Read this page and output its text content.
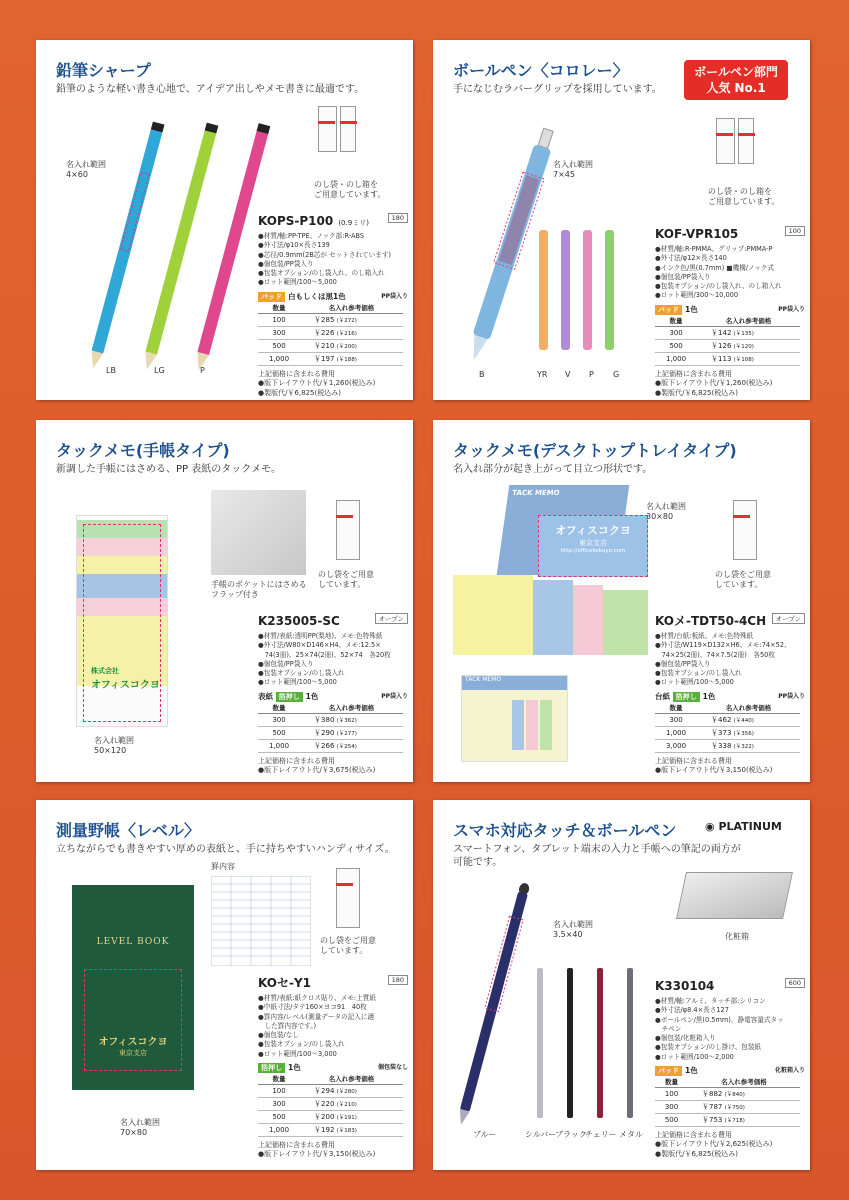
鉛筆シャープ
鉛筆のような軽い書き心地で、アイデア出しやメモ書きに最適です。
名入れ範囲
4×60
LB	LG	P
のし袋・のし箱を
ご用意しています。
KOPS-P100 (0.9ミリ)
180
●材質/軸:PP-TPE、ノック部:R-ABS
●外寸法/φ10×長さ139
●芯径/0.9mm(2B芯が セットされています)
●個包装/PP袋入り
●包装オプション/のし袋入れ、のし箱入れ
●ロット範囲/100～5,000
パッド 白もしくは黒1色	PP袋入り
数量	名入れ参考価格
100	￥285 (￥272)
300	￥226 (￥216)
500	￥210 (￥200)
1,000	￥197 (￥188)
上記価格に含まれる費用
●版下レイアウト代/￥1,260(税込み)
●製版代/￥6,825(税込み)
ボールペン〈コロレー〉
手になじむラバーグリップを採用しています。
ボールペン部門
人気 No.1
名入れ範囲
7×45
B	YR V P G
のし袋・のし箱を
ご用意しています。
KOF-VPR105	100
●材質/軸:R-PMMA、グリップ:PMMA-P
●外寸法/φ12×長さ140
●インク色/黒(0.7mm) ■機構/ノック式
●個包装/PP袋入り
●包装オプション/のし袋入れ、のし箱入れ
●ロット範囲/300～10,000
パッド 1色	PP袋入り
数量	名入れ参考価格
300	￥142 (￥135)
500	￥126 (￥120)
1,000	￥113 (￥108)
上記価格に含まれる費用
●版下レイアウト代/￥1,260(税込み)
●製版代/￥6,825(税込み)
タックメモ(手帳タイプ)
新調した手帳にはさめる、PP 表紙のタックメモ。
株式会社
オフィスコクヨ
名入れ範囲
50×120
手帳のポケットにはさめる
フラップ付き
のし袋をご用意
しています。
K235005-SC	オープン
●材質/表紙:透明PP(梨地)、メモ:色特殊紙
●外寸法/W80×D146×H4、メモ:12.5×
　74(3冊)、25×74(2冊)、52×74　各20枚
●個包装/PP袋入り
●包装オプション/のし袋入れ
●ロット範囲/100～5,000
表紙 箔押し 1色	PP袋入り
数量	名入れ参考価格
300	￥380 (￥362)
500	￥290 (￥277)
1,000	￥266 (￥254)
上記価格に含まれる費用
●版下レイアウト代/￥3,675(税込み)
タックメモ(デスクトップトレイタイプ)
名入れ部分が起き上がって目立つ形状です。
TACK MEMO
オフィスコクヨ
東京支店
http://officekokuyo.com
名入れ範囲
30×80
TACK MEMO
のし袋をご用意
しています。
KOメ-TDT50-4CH	オープン
●材質/台紙:板紙、メモ:色特殊紙
●外寸法/W119×D132×H6、メモ:74×52、
　74×25(2冊)、74×7.5(2冊)　各50枚
●個包装/PP袋入り
●包装オプション/のし袋入れ
●ロット範囲/100～5,000
台紙 箔押し 1色	PP袋入り
数量	名入れ参考価格
300	￥462 (￥440)
1,000	￥373 (￥356)
3,000	￥338 (￥322)
上記価格に含まれる費用
●版下レイアウト代/￥3,150(税込み)
測量野帳〈レベル〉
立ちながらでも書きやすい厚めの表紙と、手に持ちやすいハンディサイズ。
LEVEL BOOK
オフィスコクヨ
東京支店
名入れ範囲
70×80
罫内容
のし袋をご用意
しています。
KOセ-Y1	180
●材質/表紙:紙クロス貼り、メモ:上質紙
●中紙寸法/タテ160×ヨコ91　40枚
●罫内容/レベル(測量データの記入に適
　した罫内容です。)
●個包装/なし
●包装オプション/のし袋入れ
●ロット範囲/100～3,000
箔押し 1色	個包装なし
数量	名入れ参考価格
100	￥294 (￥280)
300	￥220 (￥210)
500	￥200 (￥191)
1,000	￥192 (￥183)
上記価格に含まれる費用
●版下レイアウト代/￥3,150(税込み)
スマホ対応タッチ＆ボールペン	◉ PLATINUM
スマートフォン、タブレット端末の入力と手帳への筆記の両方が
可能です。
名入れ範囲
3.5×40
ブルー	シルバー
ブラック
チェリー メタル
化粧箱
K330104	600
●材質/軸:アルミ、タッチ部:シリコン
●外寸法/φ8.4×長さ127
●ボールペン/黒(0.5mm)、静電容量式タッ
　チペン
●個包装/化粧箱入り
●包装オプション/のし掛け、包装紙
●ロット範囲/100～2,000
パッド 1色	化粧箱入り
数量	名入れ参考価格
100	￥882 (￥840)
300	￥787 (￥750)
500	￥753 (￥718)
上記価格に含まれる費用
●版下レイアウト代/￥2,625(税込み)
●製版代/￥6,825(税込み)
